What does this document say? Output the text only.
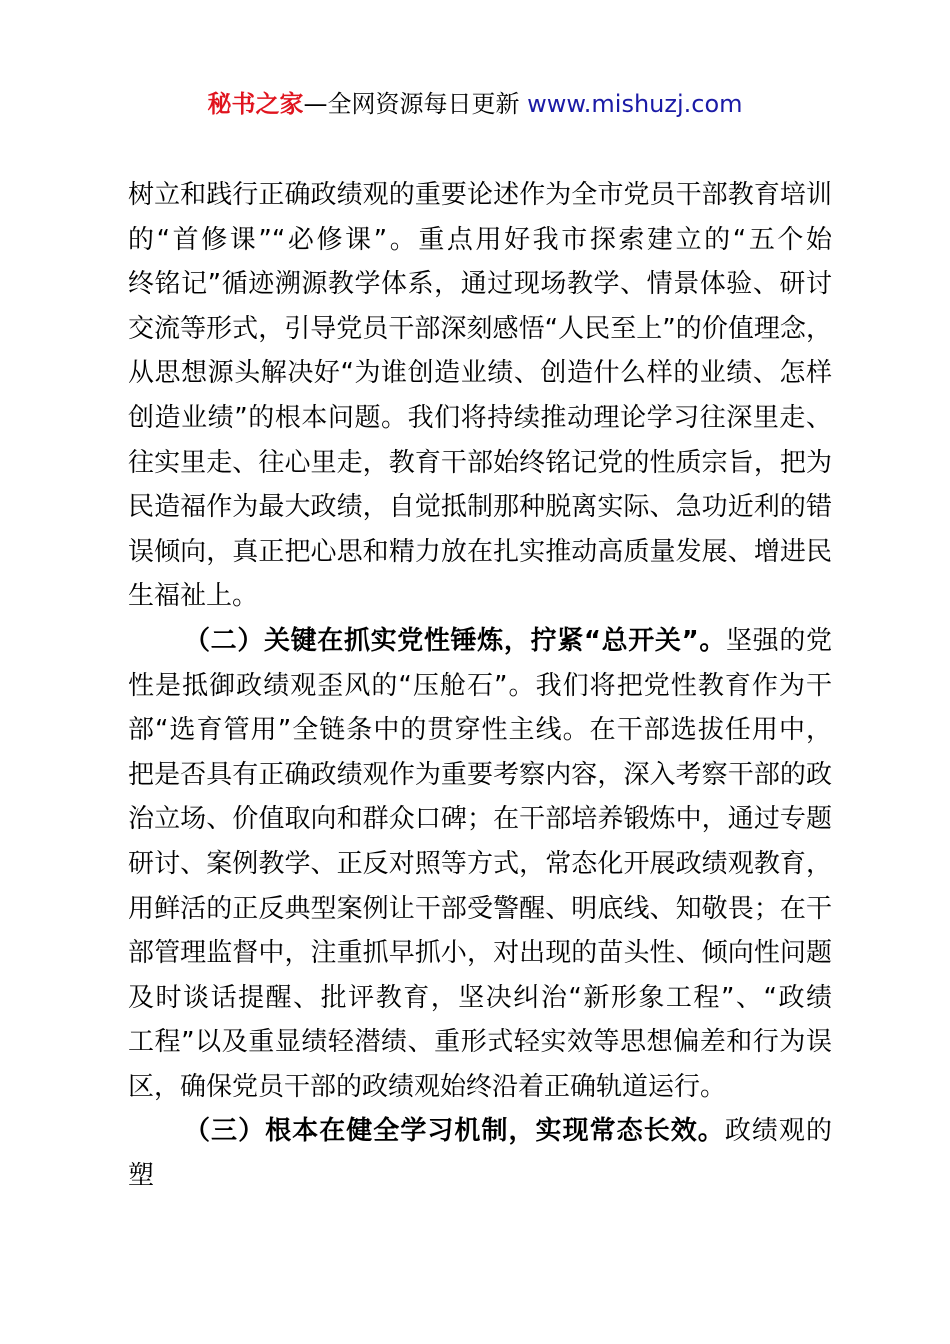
秘书之家—全网资源每日更新 www.mishuzj.com

树立和践行正确政绩观的重要论述作为全市党员干部教育培训

的“首修课”“必修课”。重点用好我市探索建立的“五个始

终铭记”循迹溯源教学体系，通过现场教学、情景体验、研讨

交流等形式，引导党员干部深刻感悟“人民至上”的价值理念，

从思想源头解决好“为谁创造业绩、创造什么样的业绩、怎样

创造业绩”的根本问题。我们将持续推动理论学习往深里走、

往实里走、往心里走，教育干部始终铭记党的性质宗旨，把为

民造福作为最大政绩，自觉抵制那种脱离实际、急功近利的错

误倾向，真正把心思和精力放在扎实推动高质量发展、增进民

生福祉上。

（二）关键在抓实党性锤炼，拧紧“总开关”。坚强的党

性是抵御政绩观歪风的“压舱石”。我们将把党性教育作为干

部“选育管用”全链条中的贯穿性主线。在干部选拔任用中，

把是否具有正确政绩观作为重要考察内容，深入考察干部的政

治立场、价值取向和群众口碑；在干部培养锻炼中，通过专题

研讨、案例教学、正反对照等方式，常态化开展政绩观教育，

用鲜活的正反典型案例让干部受警醒、明底线、知敬畏；在干

部管理监督中，注重抓早抓小，对出现的苗头性、倾向性问题

及时谈话提醒、批评教育，坚决纠治“新形象工程”、“政绩

工程”以及重显绩轻潜绩、重形式轻实效等思想偏差和行为误

区，确保党员干部的政绩观始终沿着正确轨道运行。

（三）根本在健全学习机制，实现常态长效。政绩观的塑
